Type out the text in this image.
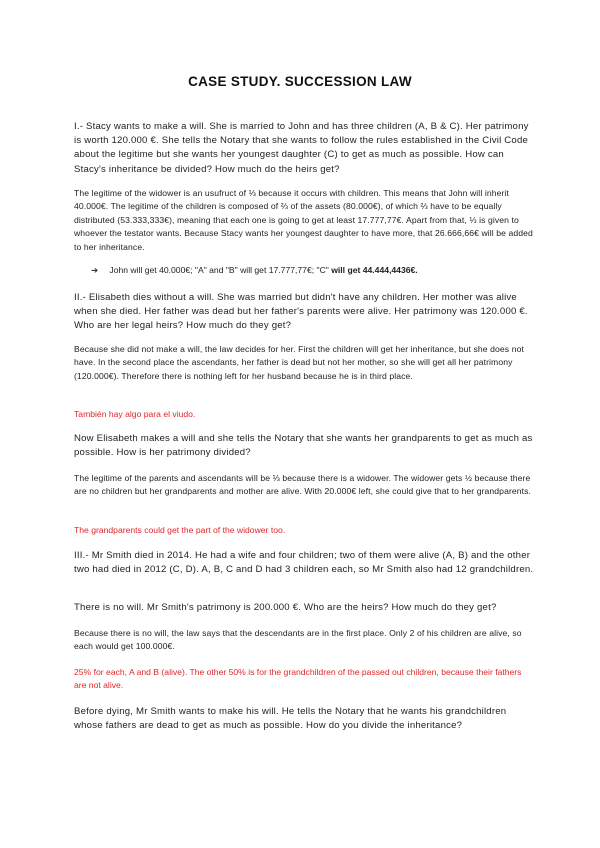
CASE STUDY. SUCCESSION LAW
I.- Stacy wants to make a will. She is married to John and has three children (A, B & C). Her patrimony is worth 120.000 €. She tells the Notary that she wants to follow the rules established in the Civil Code about the legitime but she wants her youngest daughter (C) to get as much as possible. How can Stacy's inheritance be divided? How much do the heirs get?
The legitime of the widower is an usufruct of ⅓ because it occurs with children. This means that John will inherit 40.000€. The legitime of the children is composed of ⅔ of the assets (80.000€), of which ⅔ have to be equally distributed (53.333,333€), meaning that each one is going to get at least 17.777,77€. Apart from that, ⅓ is given to whoever the testator wants. Because Stacy wants her youngest daughter to have more, that 26.666,66€ will be added to her inheritance.
➔ John will get 40.000€; "A" and "B" will get 17.777,77€; "C" will get 44.444,4436€.
II.- Elisabeth dies without a will. She was married but didn't have any children. Her mother was alive when she died. Her father was dead but her father's parents were alive. Her patrimony was 120.000 €. Who are her legal heirs? How much do they get?
Because she did not make a will, the law decides for her. First the children will get her inheritance, but she does not have. In the second place the ascendants, her father is dead but not her mother, so she will get all her patrimony (120.000€). Therefore there is nothing left for her husband because he is in third place.
También hay algo para el viudo.
Now Elisabeth makes a will and she tells the Notary that she wants her grandparents to get as much as possible. How is her patrimony divided?
The legitime of the parents and ascendants will be ⅓ because there is a widower. The widower gets ½ because there are no children but her grandparents and mother are alive. With 20.000€ left, she could give that to her grandparents.
The grandparents could get the part of the widower too.
III.- Mr Smith died in 2014. He had a wife and four children; two of them were alive (A, B) and the other two had died in 2012 (C, D). A, B, C and D had 3 children each, so Mr Smith also had 12 grandchildren.
There is no will. Mr Smith's patrimony is 200.000 €. Who are the heirs? How much do they get?
Because there is no will, the law says that the descendants are in the first place. Only 2 of his children are alive, so each would get 100.000€.
25% for each, A and B (alive). The other 50% is for the grandchildren of the passed out children, because their fathers are not alive.
Before dying, Mr Smith wants to make his will. He tells the Notary that he wants his grandchildren whose fathers are dead to get as much as possible. How do you divide the inheritance?
